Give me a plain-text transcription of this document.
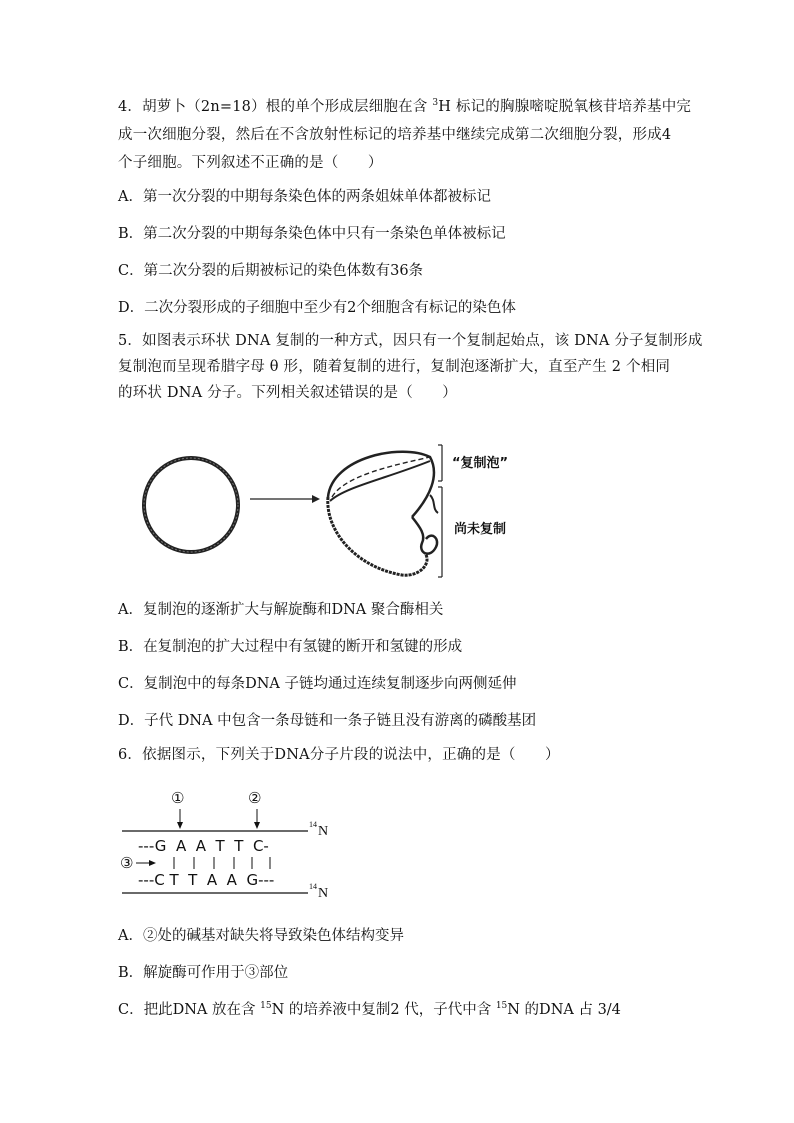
4．胡萝卜（2n=18）根的单个形成层细胞在含 $^3$H 标记的胸腺嘧啶脱氧核苷培养基中完
成一次细胞分裂，然后在不含放射性标记的培养基中继续完成第二次细胞分裂，形成4
个子细胞。下列叙述不正确的是（　　）
A．第一次分裂的中期每条染色体的两条姐妹单体都被标记
B．第二次分裂的中期每条染色体中只有一条染色单体被标记
C．第二次分裂的后期被标记的染色体数有36条
D．二次分裂形成的子细胞中至少有2个细胞含有标记的染色体
5．如图表示环状 DNA 复制的一种方式，因只有一个复制起始点，该 DNA 分子复制形成
复制泡而呈现希腊字母 θ 形，随着复制的进行，复制泡逐渐扩大，直至产生 2 个相同
的环状 DNA 分子。下列相关叙述错误的是（　　）
“复制泡”
尚未复制
A．复制泡的逐渐扩大与解旋酶和DNA 聚合酶相关
B．在复制泡的扩大过程中有氢键的断开和氢键的形成
C．复制泡中的每条DNA 子链均通过连续复制逐步向两侧延伸
D．子代 DNA 中包含一条母链和一条子链且没有游离的磷酸基团
6．依据图示，下列关于DNA分子片段的说法中，正确的是（　　）
①	②
14 N
---G  A  A  T  T  C-
③
---C T  T  A  A  G---	14 N
A．②处的碱基对缺失将导致染色体结构变异
B．解旋酶可作用于③部位
C．把此DNA 放在含 $^{15}$N 的培养液中复制2 代，子代中含 $^{15}$N 的DNA 占 3/4
